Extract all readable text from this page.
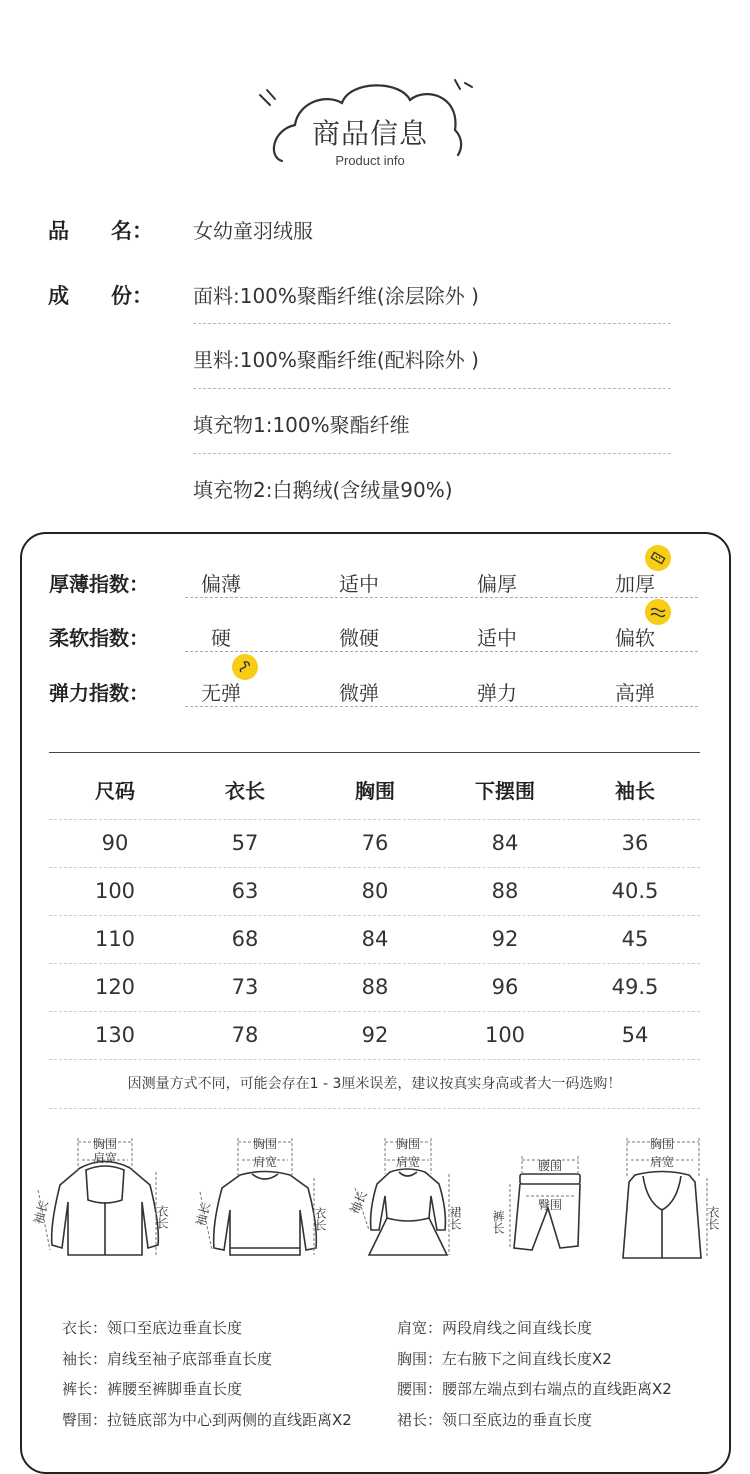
商品信息
Product info
品　　名： 女幼童羽绒服
成　　份： 面料:100%聚酯纤维(涂层除外 )
里料:100%聚酯纤维(配料除外 )
填充物1:100%聚酯纤维
填充物2:白鹅绒(含绒量90%)
厚薄指数：	偏薄	适中	偏厚	加厚
柔软指数：	硬	微硬	适中	偏软
弹力指数：	无弹	微弹	弹力	高弹
尺码	衣长	胸围	下摆围	袖长
90	57	76	84	36
100	63	80	88	40.5
110	68	84	92	45
120	73	88	96	49.5
130	78	92	100	54
因测量方式不同，可能会存在1 - 3厘米误差，建议按真实身高或者大一码选购！
胸围
肩宽
袖长	衣长
胸围
肩宽
袖长	衣长
胸围
肩宽
袖长
裙长
腰围
臀围
裤长
胸围
肩宽
衣长
衣长：领口至底边垂直长度
袖长：肩线至袖子底部垂直长度
裤长：裤腰至裤脚垂直长度
臀围：拉链底部为中心到两侧的直线距离X2
肩宽：两段肩线之间直线长度
胸围：左右腋下之间直线长度X2
腰围：腰部左端点到右端点的直线距离X2
裙长：领口至底边的垂直长度
